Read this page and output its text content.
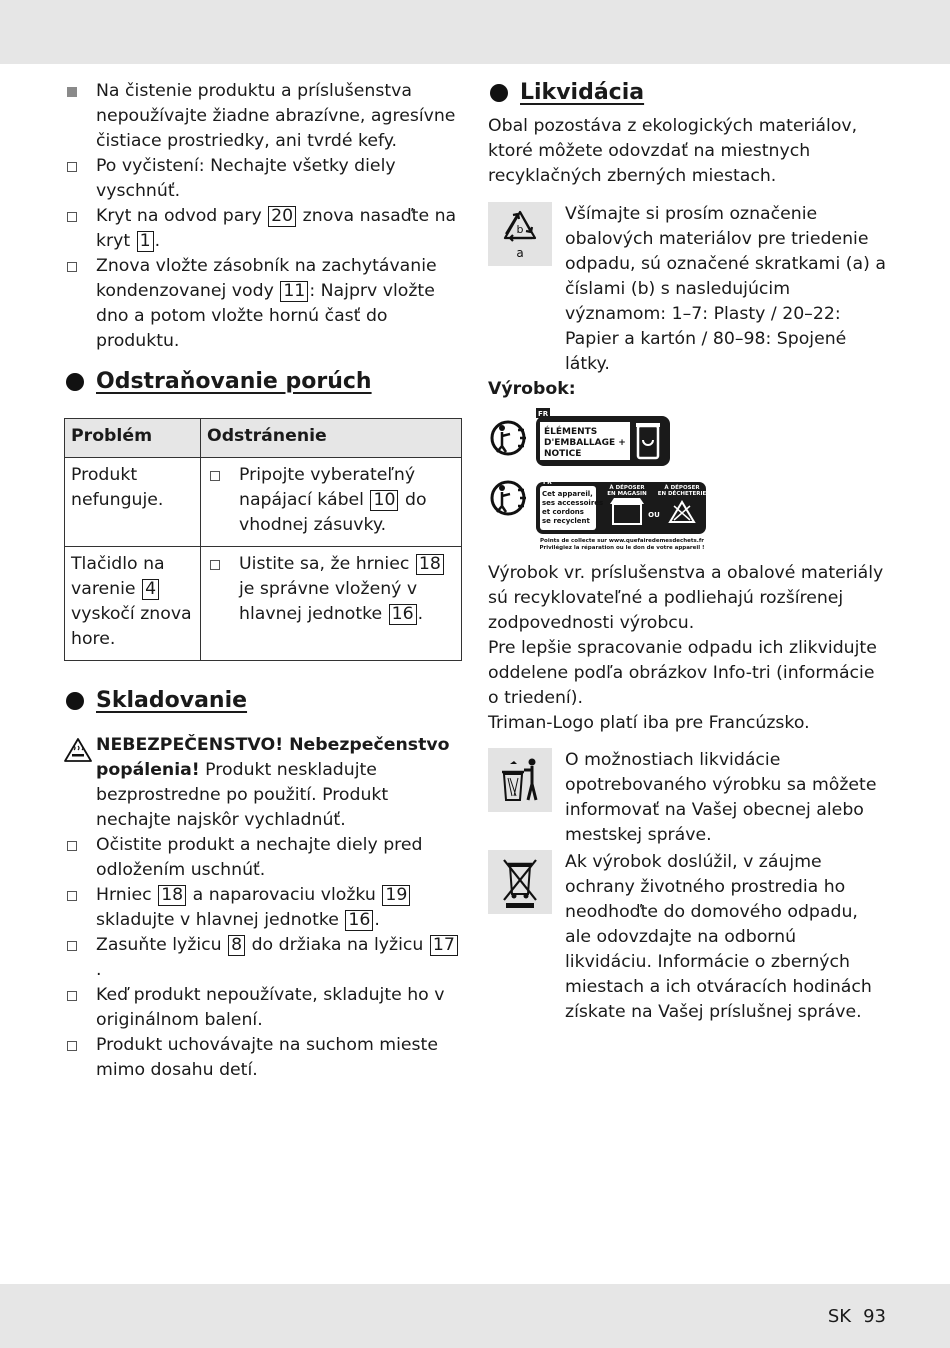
Na čistenie produktu a príslušenstva nepoužívajte žiadne abrazívne, agresívne čistiace prostriedky, ani tvrdé kefy.

Po vyčistení: Nechajte všetky diely vyschnúť.

Kryt na odvod pary 20 znova nasaďte na kryt 1 .

Znova vložte zásobník na zachytávanie kondenzovanej vody 11 : Najprv vložte dno a potom vložte hornú časť do produktu.

Odstraňovanie porúch
Problém	Odstránenie
Produkt nefunguje.	Pripojte vyberateľný napájací kábel 10 do vhodnej zásuvky.

Tlačidlo na varenie 4 vyskočí znova hore.	Uistite sa, že hrniec 18 je správne vložený v hlavnej jednotke 16 .

Skladovanie

NEBEZPEČENSTVO! Nebezpečenstvo popálenia! Produkt neskladujte bezprostredne po použití. Produkt nechajte najskôr vychladnúť.

Očistite produkt a nechajte diely pred odložením uschnúť.

Hrniec 18 a naparovaciu vložku 19 skladujte v hlavnej jednotke 16 .

Zasuňte lyžicu 8 do držiaka na lyžicu 17.

Keď produkt nepoužívate, skladujte ho v originálnom balení.

Produkt uchovávajte na suchom mieste mimo dosahu detí.

Likvidácia

Obal pozostáva z ekologických materiálov, ktoré môžete odovzdať na miestnych recyklačných zberných miestach.

b
a

Všímajte si prosím označenie obalových materiálov pre triedenie odpadu, sú označené skratkami (a) a číslami (b) s nasledujúcim významom: 1–7: Plasty / 20–22: Papier a kartón / 80–98: Spojené látky.

Výrobok:

FR
ÉLÉMENTS
D'EMBALLAGE +
NOTICE
FR
Cet appareil,
ses accessoires
et cordons
se recyclent
À DÉPOSER
EN MAGASIN
À DÉPOSER
EN DÉCHETERIE
OU
Points de collecte sur www.quefairedemesdechets.fr
Privilégiez la réparation ou le don de votre appareil !

Výrobok vr. príslušenstva a obalové materiály sú recyklovateľné a podliehajú rozšírenej zodpovednosti výrobcu.

Pre lepšie spracovanie odpadu ich zlikvidujte oddelene podľa obrázkov Info-tri (informácie o triedení).

Triman-Logo platí iba pre Francúzsko.

O možnostiach likvidácie opotrebovaného výrobku sa môžete informovať na Vašej obecnej alebo mestskej správe.

Ak výrobok doslúžil, v záujme ochrany životného prostredia ho neodhoďte do domového odpadu, ale odovzdajte na odbornú likvidáciu. Informácie o zberných miestach a ich otváracích hodinách získate na Vašej príslušnej správe.

SK 93
